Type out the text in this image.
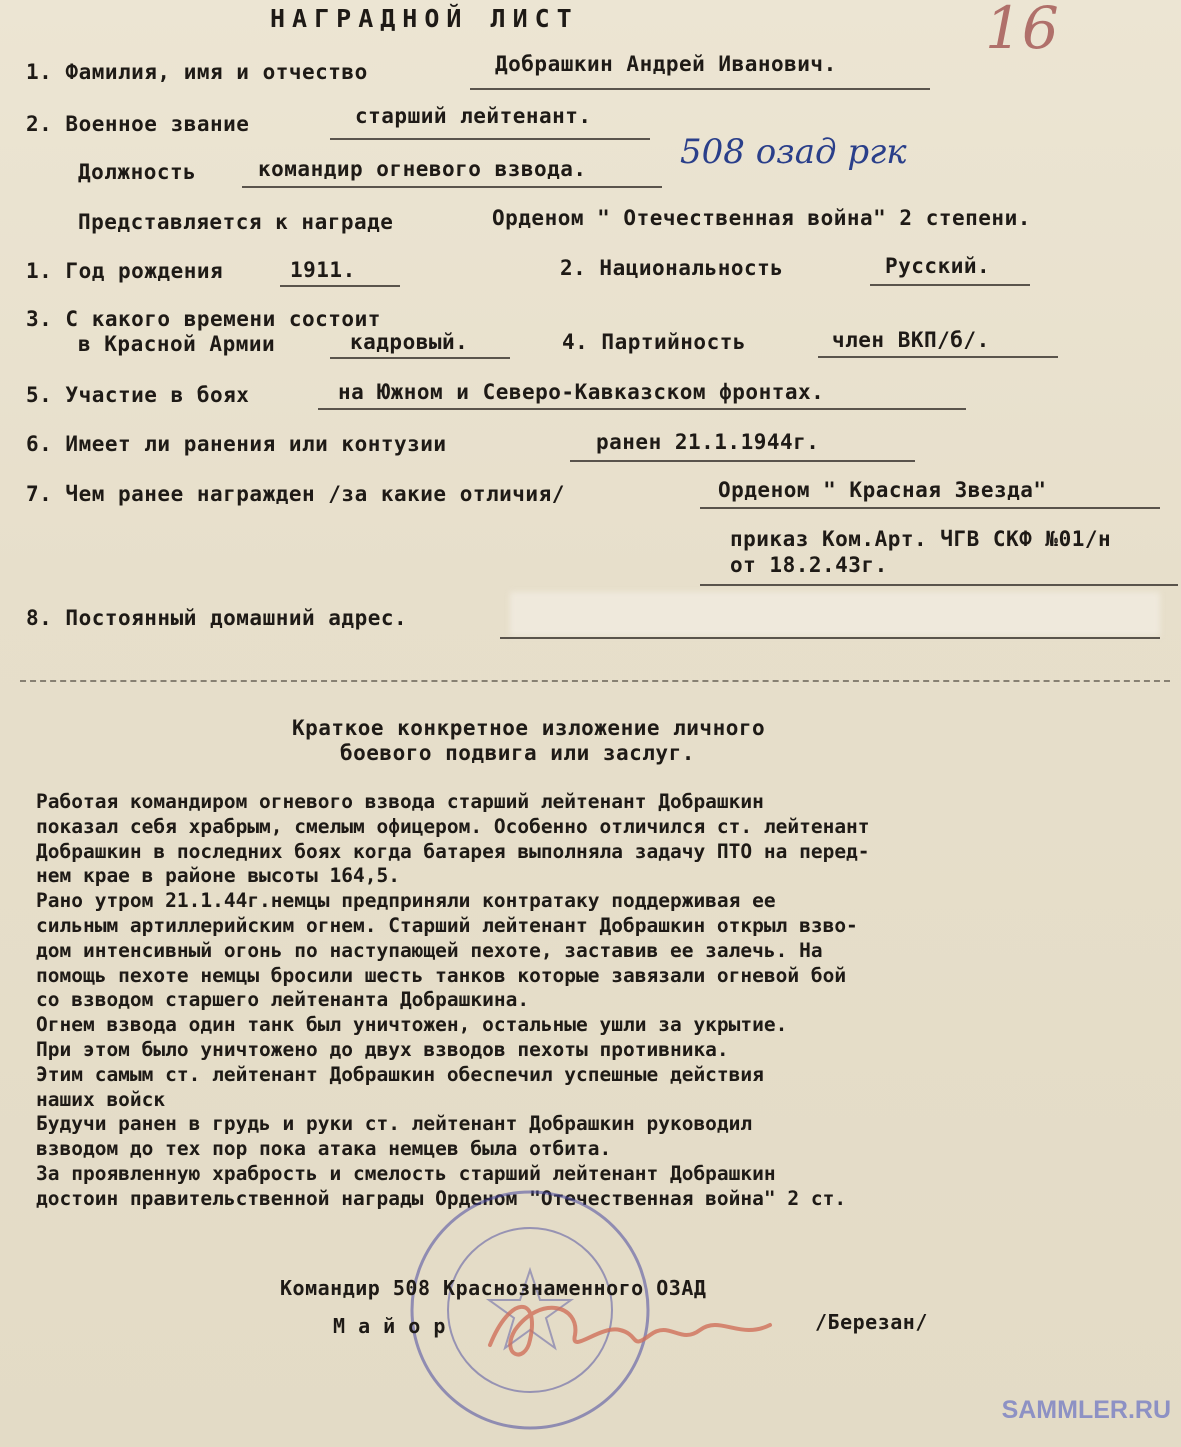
16
НАГРАДНОЙ ЛИСТ
1. Фамилия, имя и отчество	Добрашкин Андрей Иванович.
2. Военное звание	старший лейтенант.
Должность	командир огневого взвода.	508 озад ргк
Представляется к награде	Орденом " Отечественная война" 2 степени.
1. Год рождения	1911.	2. Национальность	Русский.
3. С какого времени состоит
в Красной Армии	кадровый.	4. Партийность	член ВКП/б/.
5. Участие в боях	на Южном и Северо-Кавказском фронтах.
6. Имеет ли ранения или контузии	ранен 21.1.1944г.
7. Чем ранее награжден /за какие отличия/	Орденом " Красная Звезда"
приказ Ком.Арт. ЧГВ СКФ №01/н
от 18.2.43г.
8. Постоянный домашний адрес.
Краткое конкретное изложение личного
боевого подвига или заслуг.
Работая командиром огневого взвода старший лейтенант Добрашкин
показал себя храбрым, смелым офицером. Особенно отличился ст. лейтенант
Добрашкин в последних боях когда батарея выполняла задачу ПТО на перед-
нем крае в районе высоты 164,5.
Рано утром 21.1.44г.немцы предприняли контратаку поддерживая ее
сильным артиллерийским огнем. Старший лейтенант Добрашкин открыл взво-
дом интенсивный огонь по наступающей пехоте, заставив ее залечь. На
помощь пехоте немцы бросили шесть танков которые завязали огневой бой
со взводом старшего лейтенанта Добрашкина.
Огнем взвода один танк был уничтожен, остальные ушли за укрытие.
При этом было уничтожено до двух взводов пехоты противника.
Этим самым ст. лейтенант Добрашкин обеспечил успешные действия
наших войск
Будучи ранен в грудь и руки ст. лейтенант Добрашкин руководил
взводом до тех пор пока атака немцев была отбита.
За проявленную храбрость и смелость старший лейтенант Добрашкин
достоин правительственной награды Орденом "Отечественная война" 2 ст.
Командир 508 Краснознаменного ОЗАД
М а й о р	/Березан/
SAMMLER.RU
